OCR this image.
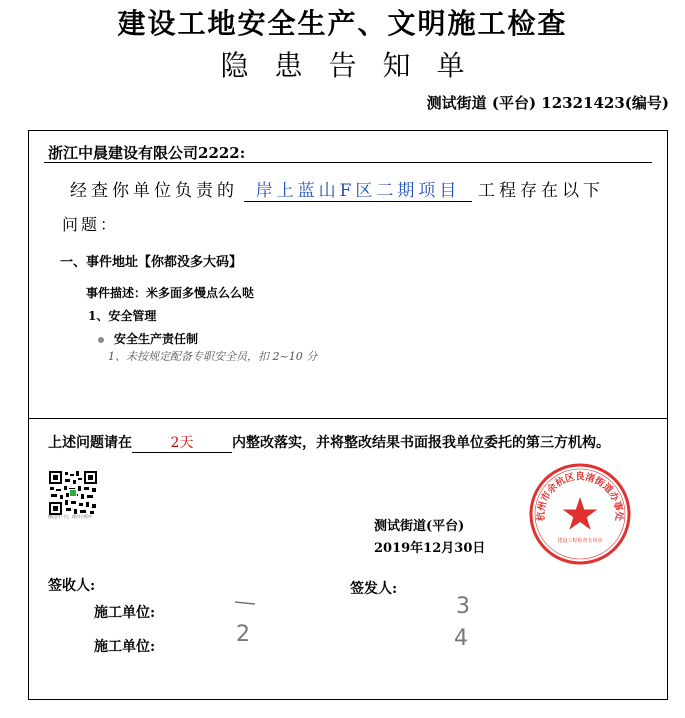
建设工地安全生产、文明施工检查
隐患告知单
测试街道 (平台) 12321423(编号)
浙江中晨建设有限公司2222:
经查你单位负责的 岸上蓝山F区二期项目 工程存在以下
问题：
一、事件地址【你都没多大码】
事件描述：米多面多慢点么么哒
1、安全管理
安全生产责任制
1、未按规定配备专职安全员，扣 2~10 分
上述问题请在	2天	内整改落实，并将整改结果书面报我单位委托的第三方机构。
微信扫一扫，使用小程序
测试街道(平台)
2019年12月30日
杭州市余杭区良渚街道办事处
建设工程检查专用章
签收人:	签发人:
施工单位:
施工单位:
—
2
3
4
